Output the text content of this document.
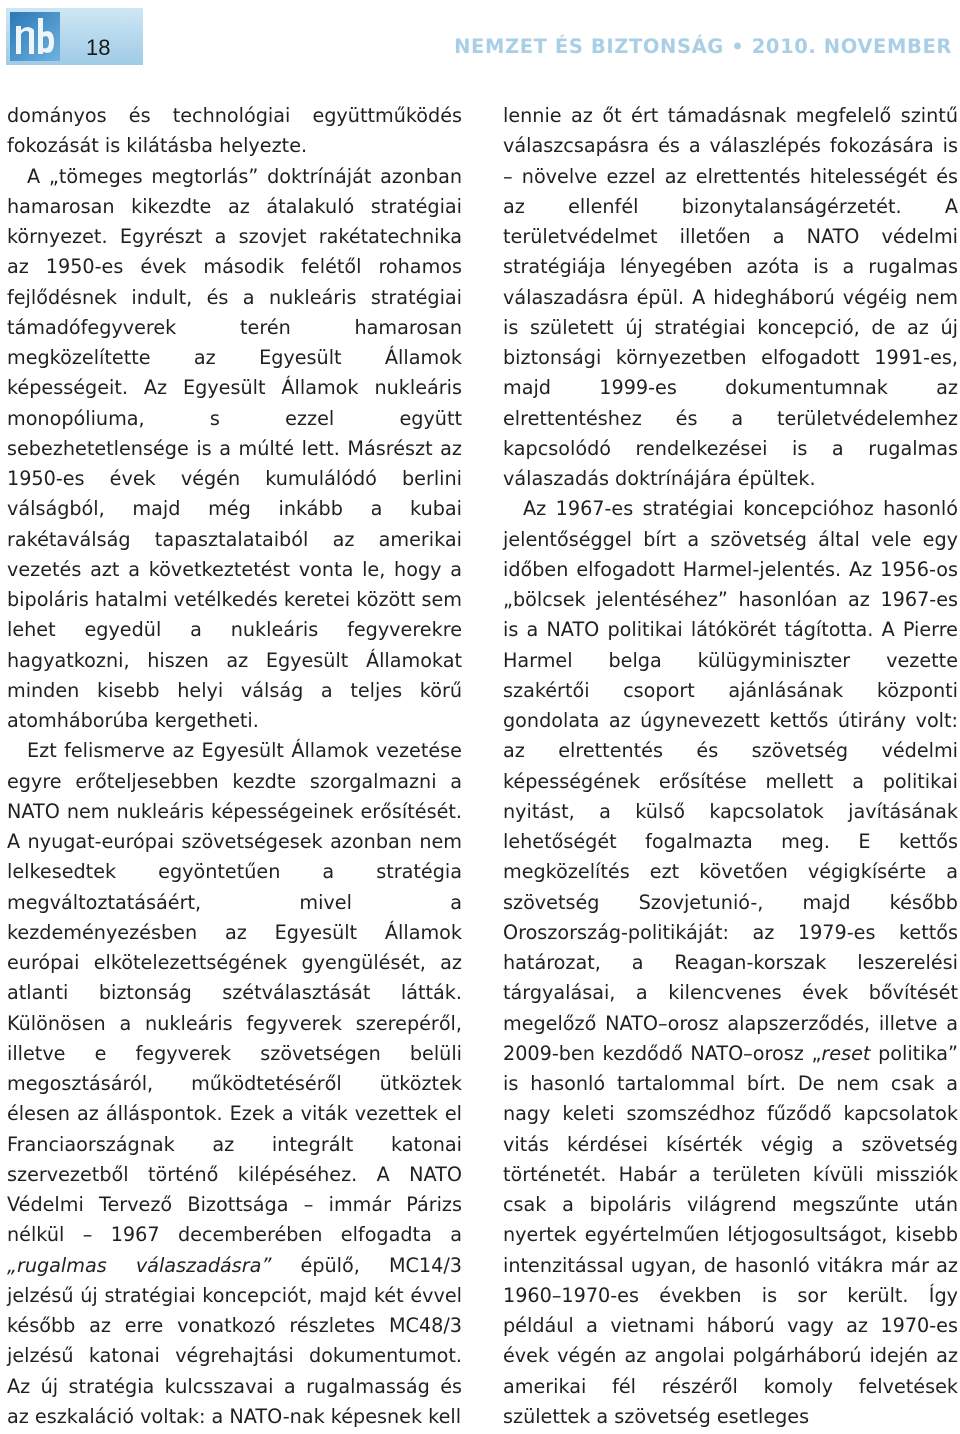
18	NEMZET ÉS BIZTONSÁG • 2010. NOVEMBER

dományos és technológiai együttműködés fokozását is kilátásba helyezte.

A „tömeges megtorlás” doktrínáját azonban hamarosan kikezdte az átalakuló stratégiai környezet. Egyrészt a szovjet rakétatechnika az 1950-es évek második felétől rohamos fejlődésnek indult, és a nukleáris stratégiai támadófegyverek terén hamarosan megközelítette az Egyesült Államok képességeit. Az Egyesült Államok nukleáris monopóliuma, s ezzel együtt sebezhetetlensége is a múlté lett. Másrészt az 1950-es évek végén kumulálódó berlini válságból, majd még inkább a kubai rakétaválság tapasztalataiból az amerikai vezetés azt a következtetést vonta le, hogy a bipoláris hatalmi vetélkedés keretei között sem lehet egyedül a nukleáris fegyverekre hagyatkozni, hiszen az Egyesült Államokat minden kisebb helyi válság a teljes körű atomháborúba kergetheti.

Ezt felismerve az Egyesült Államok vezetése egyre erőteljesebben kezdte szorgalmazni a NATO nem nukleáris képességeinek erősítését. A nyugat-európai szövetségesek azonban nem lelkesedtek egyöntetűen a stratégia megváltoztatásáért, mivel a kezdeményezésben az Egyesült Államok európai elkötelezettségének gyengülését, az atlanti biztonság szétválasztását látták. Különösen a nukleáris fegyverek szerepéről, illetve e fegyverek szövetségen belüli megosztásáról, működtetéséről ütköztek élesen az álláspontok. Ezek a viták vezettek el Franciaországnak az integrált katonai szervezetből történő kilépéséhez. A NATO Védelmi Tervező Bizottsága – immár Párizs nélkül – 1967 decemberében elfogadta a „rugalmas válaszadásra” épülő, MC14/3 jelzésű új stratégiai koncepciót, majd két évvel később az erre vonatkozó részletes MC48/3 jelzésű katonai végrehajtási dokumentumot. Az új stratégia kulcsszavai a rugalmasság és az eszkaláció voltak: a NATO-nak képesnek kell

lennie az őt ért támadásnak megfelelő szintű válaszcsapásra és a válaszlépés fokozására is – növelve ezzel az elrettentés hitelességét és az ellenfél bizonytalanságérzetét. A területvédelmet illetően a NATO védelmi stratégiája lényegében azóta is a rugalmas válaszadásra épül. A hidegháború végéig nem is született új stratégiai koncepció, de az új biztonsági környezetben elfogadott 1991-es, majd 1999-es dokumentumnak az elrettentéshez és a területvédelemhez kapcsolódó rendelkezései is a rugalmas válaszadás doktrínájára épültek.

Az 1967-es stratégiai koncepcióhoz hasonló jelentőséggel bírt a szövetség által vele egy időben elfogadott Harmel-jelentés. Az 1956-os „bölcsek jelentéséhez” hasonlóan az 1967-es is a NATO politikai látókörét tágította. A Pierre Harmel belga külügyminiszter vezette szakértői csoport ajánlásának központi gondolata az úgynevezett kettős útirány volt: az elrettentés és szövetség védelmi képességének erősítése mellett a politikai nyitást, a külső kapcsolatok javításának lehetőségét fogalmazta meg. E kettős megközelítés ezt követően végigkísérte a szövetség Szovjetunió-, majd később Oroszország-politikáját: az 1979-es kettős határozat, a Reagan-korszak leszerelési tárgyalásai, a kilencvenes évek bővítését megelőző NATO–orosz alapszerződés, illetve a 2009-ben kezdődő NATO–orosz „reset politika” is hasonló tartalommal bírt. De nem csak a nagy keleti szomszédhoz fűződő kapcsolatok vitás kérdései kísérték végig a szövetség történetét. Habár a területen kívüli missziók csak a bipoláris világrend megszűnte után nyertek egyértelműen létjogosultságot, kisebb intenzitással ugyan, de hasonló vitákra már az 1960–1970-es években is sor került. Így például a vietnami háború vagy az 1970-es évek végén az angolai polgárháború idején az amerikai fél részéről komoly felvetések születtek a szövetség esetleges
